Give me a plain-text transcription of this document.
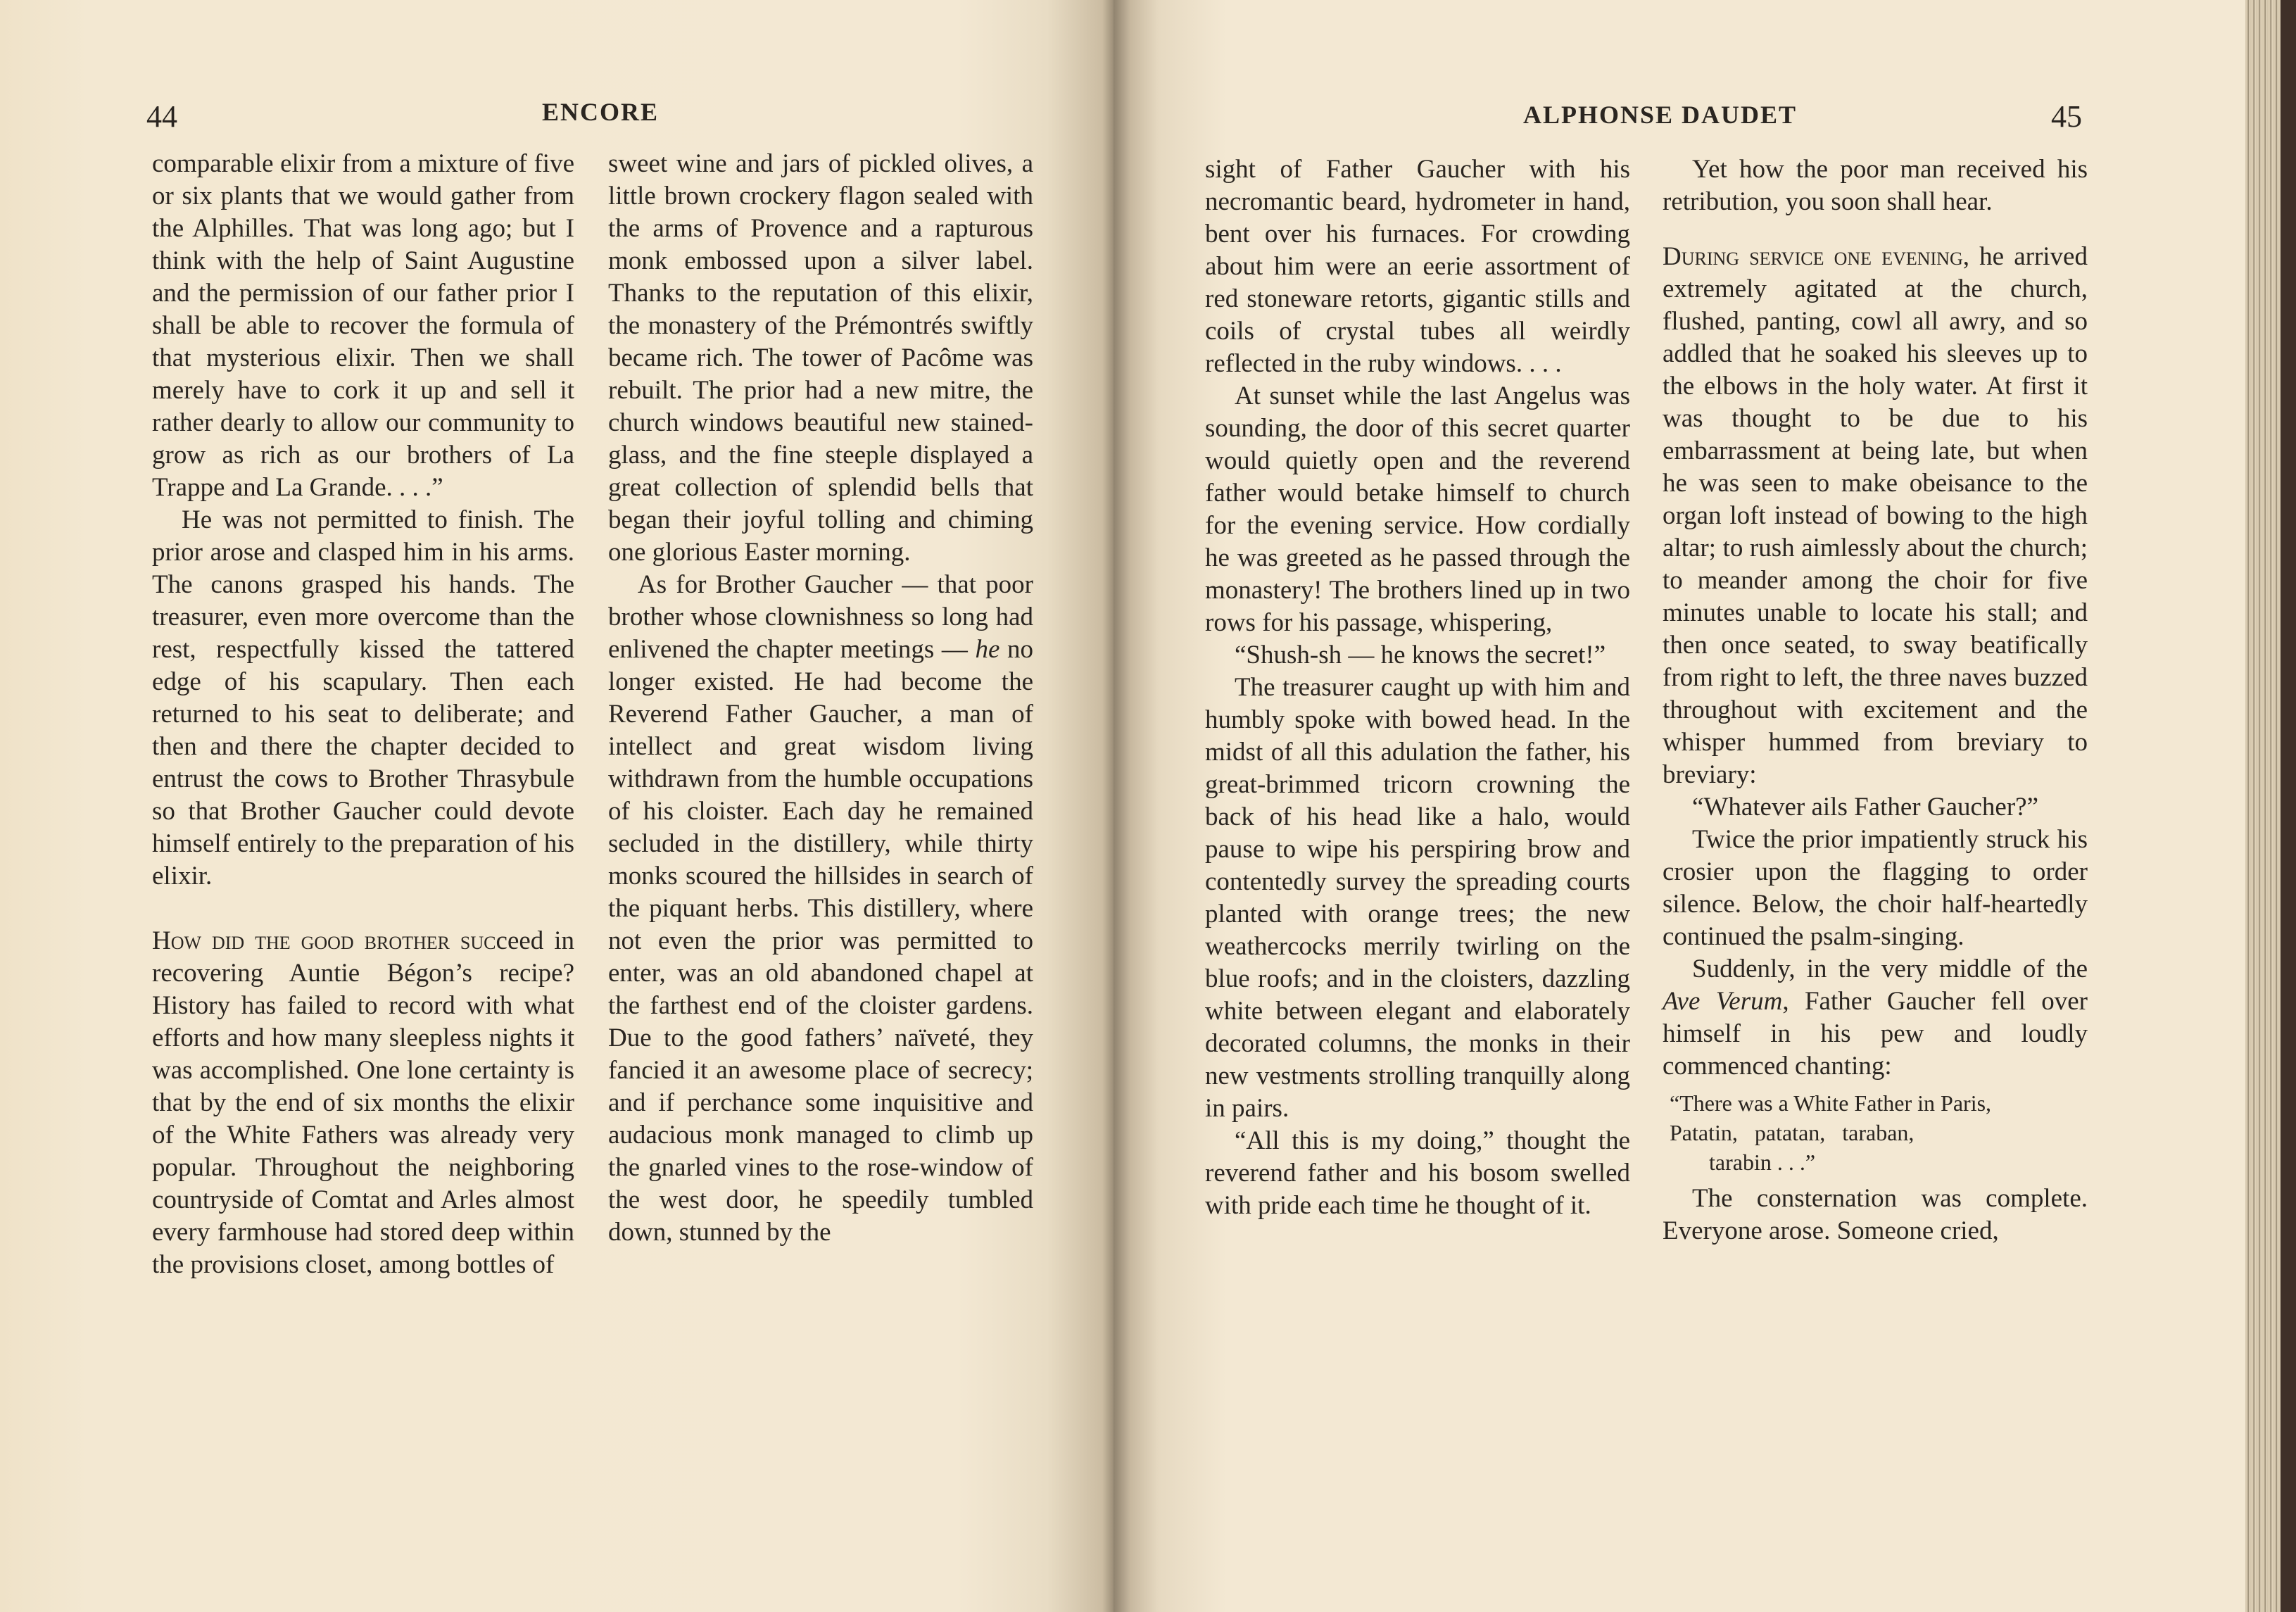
44	ENCORE

comparable elixir from a mixture of five or six plants that we would gather from the Alphilles. That was long ago; but I think with the help of Saint Augustine and the permission of our father prior I shall be able to recover the formula of that mysterious elixir. Then we shall merely have to cork it up and sell it rather dearly to allow our community to grow as rich as our brothers of La Trappe and La Grande. . . .”

He was not permitted to finish. The prior arose and clasped him in his arms. The canons grasped his hands. The treasurer, even more overcome than the rest, respectfully kissed the tattered edge of his scapulary. Then each returned to his seat to deliberate; and then and there the chapter decided to entrust the cows to Brother Thrasybule so that Brother Gaucher could devote himself entirely to the preparation of his elixir.

How did the good brother succeed in recovering Auntie Bégon’s recipe? History has failed to record with what efforts and how many sleepless nights it was accomplished. One lone certainty is that by the end of six months the elixir of the White Fathers was already very popular. Throughout the neighboring countryside of Comtat and Arles almost every farmhouse had stored deep within the provisions closet, among bottles of

sweet wine and jars of pickled olives, a little brown crockery flagon sealed with the arms of Provence and a rapturous monk embossed upon a silver label. Thanks to the reputation of this elixir, the monastery of the Prémontrés swiftly became rich. The tower of Pacôme was rebuilt. The prior had a new mitre, the church windows beautiful new stained-glass, and the fine steeple displayed a great collection of splendid bells that began their joyful tolling and chiming one glorious Easter morning.

As for Brother Gaucher — that poor brother whose clownishness so long had enlivened the chapter meetings — he no longer existed. He had become the Reverend Father Gaucher, a man of intellect and great wisdom living withdrawn from the humble occupations of his cloister. Each day he remained secluded in the distillery, while thirty monks scoured the hillsides in search of the piquant herbs. This distillery, where not even the prior was permitted to enter, was an old abandoned chapel at the farthest end of the cloister gardens. Due to the good fathers’ naïveté, they fancied it an awesome place of secrecy; and if perchance some inquisitive and audacious monk managed to climb up the gnarled vines to the rose-window of the west door, he speedily tumbled down, stunned by the

ALPHONSE DAUDET	45

sight of Father Gaucher with his necromantic beard, hydrometer in hand, bent over his furnaces. For crowding about him were an eerie assortment of red stoneware retorts, gigantic stills and coils of crystal tubes all weirdly reflected in the ruby windows. . . .

At sunset while the last Angelus was sounding, the door of this secret quarter would quietly open and the reverend father would betake himself to church for the evening service. How cordially he was greeted as he passed through the monastery! The brothers lined up in two rows for his passage, whispering,

“Shush-sh — he knows the secret!”

The treasurer caught up with him and humbly spoke with bowed head. In the midst of all this adulation the father, his great-brimmed tricorn crowning the back of his head like a halo, would pause to wipe his perspiring brow and contentedly survey the spreading courts planted with orange trees; the new weathercocks merrily twirling on the blue roofs; and in the cloisters, dazzling white between elegant and elaborately decorated columns, the monks in their new vestments strolling tranquilly along in pairs.

“All this is my doing,” thought the reverend father and his bosom swelled with pride each time he thought of it.

Yet how the poor man received his retribution, you soon shall hear.

During service one evening, he arrived extremely agitated at the church, flushed, panting, cowl all awry, and so addled that he soaked his sleeves up to the elbows in the holy water. At first it was thought to be due to his embarrassment at being late, but when he was seen to make obeisance to the organ loft instead of bowing to the high altar; to rush aimlessly about the church; to meander among the choir for five minutes unable to locate his stall; and then once seated, to sway beatifically from right to left, the three naves buzzed throughout with excitement and the whisper hummed from breviary to breviary:

“Whatever ails Father Gaucher?”

Twice the prior impatiently struck his crosier upon the flagging to order silence. Below, the choir half-heartedly continued the psalm-singing.

Suddenly, in the very middle of the Ave Verum, Father Gaucher fell over himself in his pew and loudly commenced chanting:

“There was a White Father in Paris,
Patatin,   patatan,   taraban,
tarabin . . .”

The consternation was complete. Everyone arose. Someone cried,
